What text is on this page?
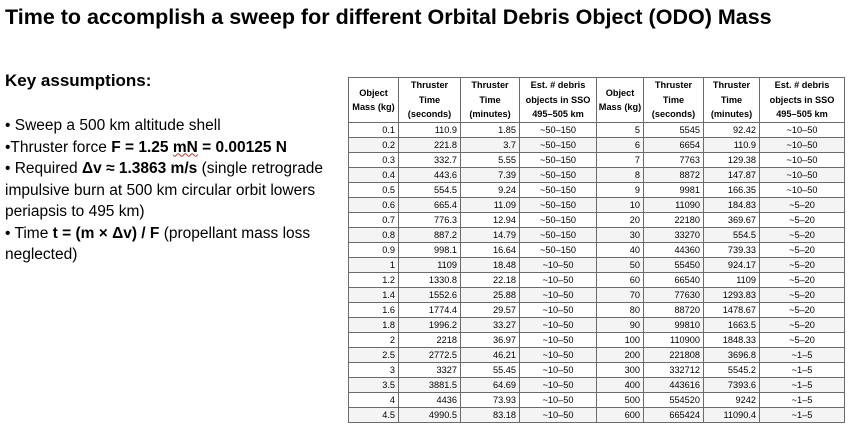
Time to accomplish a sweep for different Orbital Debris Object (ODO) Mass
Key assumptions:

• Sweep a 500 km altitude shell

•Thruster force F = 1.25 mN = 0.00125 N

• Required Δv ≈ 1.3863 m/s (single retrograde impulsive burn at 500 km circular orbit lowers periapsis to 495 km)

• Time t = (m × Δv) / F (propellant mass loss neglected)

Object
Mass (kg)	Thruster
Time
(seconds)	Thruster
Time
(minutes)	Est. # debris
objects in SSO
495–505 km	Object
Mass (kg)	Thruster
Time
(seconds)	Thruster
Time
(minutes)	Est. # debris
objects in SSO
495–505 km

0.1	110.9	1.85	~50–150	5	5545	92.42	~10–50
0.2	221.8	3.7	~50–150	6	6654	110.9	~10–50
0.3	332.7	5.55	~50–150	7	7763	129.38	~10–50
0.4	443.6	7.39	~50–150	8	8872	147.87	~10–50
0.5	554.5	9.24	~50–150	9	9981	166.35	~10–50
0.6	665.4	11.09	~50–150	10	11090	184.83	~5–20
0.7	776.3	12.94	~50–150	20	22180	369.67	~5–20
0.8	887.2	14.79	~50–150	30	33270	554.5	~5–20
0.9	998.1	16.64	~50–150	40	44360	739.33	~5–20
1	1109	18.48	~10–50	50	55450	924.17	~5–20
1.2	1330.8	22.18	~10–50	60	66540	1109	~5–20
1.4	1552.6	25.88	~10–50	70	77630	1293.83	~5–20
1.6	1774.4	29.57	~10–50	80	88720	1478.67	~5–20
1.8	1996.2	33.27	~10–50	90	99810	1663.5	~5–20
2	2218	36.97	~10–50	100	110900	1848.33	~5–20
2.5	2772.5	46.21	~10–50	200	221808	3696.8	~1–5
3	3327	55.45	~10–50	300	332712	5545.2	~1–5
3.5	3881.5	64.69	~10–50	400	443616	7393.6	~1–5
4	4436	73.93	~10–50	500	554520	9242	~1–5
4.5	4990.5	83.18	~10–50	600	665424	11090.4	~1–5
